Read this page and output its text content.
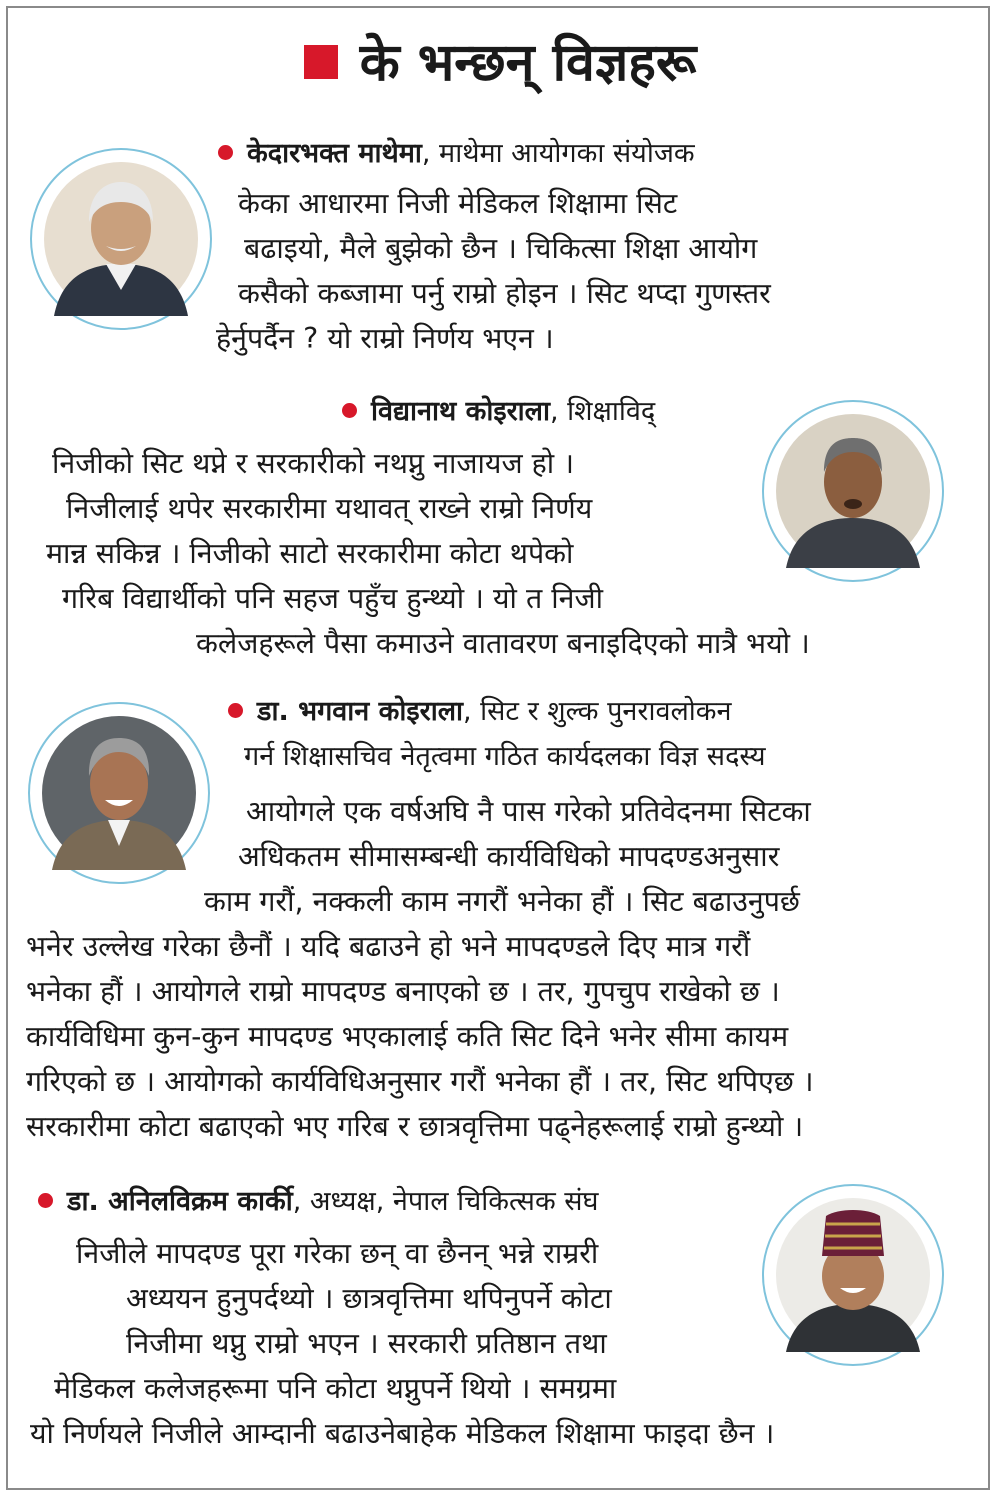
के भन्छन् विज्ञहरू
केदारभक्त माथेमा, माथेमा आयोगका संयोजक
केका आधारमा निजी मेडिकल शिक्षामा सिट
बढाइयो, मैले बुझेको छैन । चिकित्सा शिक्षा आयोग
कसैको कब्जामा पर्नु राम्रो होइन । सिट थप्दा गुणस्तर
हेर्नुपर्दैन ? यो राम्रो निर्णय भएन ।
विद्यानाथ कोइराला, शिक्षाविद्
निजीको सिट थप्ने र सरकारीको नथप्नु नाजायज हो ।
निजीलाई थपेर सरकारीमा यथावत् राख्ने राम्रो निर्णय
मान्न सकिन्न । निजीको साटो सरकारीमा कोटा थपेको
गरिब विद्यार्थीको पनि सहज पहुँच हुन्थ्यो । यो त निजी
कलेजहरूले पैसा कमाउने वातावरण बनाइदिएको मात्रै भयो ।
डा. भगवान कोइराला, सिट र शुल्क पुनरावलोकन
गर्न शिक्षासचिव नेतृत्वमा गठित कार्यदलका विज्ञ सदस्य
आयोगले एक वर्षअघि नै पास गरेको प्रतिवेदनमा सिटका
अधिकतम सीमासम्बन्धी कार्यविधिको मापदण्डअनुसार
काम गरौं, नक्कली काम नगरौं भनेका हौं । सिट बढाउनुपर्छ
भनेर उल्लेख गरेका छैनौं । यदि बढाउने हो भने मापदण्डले दिए मात्र गरौं
भनेका हौं । आयोगले राम्रो मापदण्ड बनाएको छ । तर, गुपचुप राखेको छ ।
कार्यविधिमा कुन-कुन मापदण्ड भएकालाई कति सिट दिने भनेर सीमा कायम
गरिएको छ । आयोगको कार्यविधिअनुसार गरौं भनेका हौं । तर, सिट थपिएछ ।
सरकारीमा कोटा बढाएको भए गरिब र छात्रवृत्तिमा पढ्नेहरूलाई राम्रो हुन्थ्यो ।
डा. अनिलविक्रम कार्की, अध्यक्ष, नेपाल चिकित्सक संघ
निजीले मापदण्ड पूरा गरेका छन् वा छैनन् भन्ने राम्ररी
अध्ययन हुनुपर्दथ्यो । छात्रवृत्तिमा थपिनुपर्ने कोटा
निजीमा थप्नु राम्रो भएन । सरकारी प्रतिष्ठान तथा
मेडिकल कलेजहरूमा पनि कोटा थप्नुपर्ने थियो । समग्रमा
यो निर्णयले निजीले आम्दानी बढाउनेबाहेक मेडिकल शिक्षामा फाइदा छैन ।
